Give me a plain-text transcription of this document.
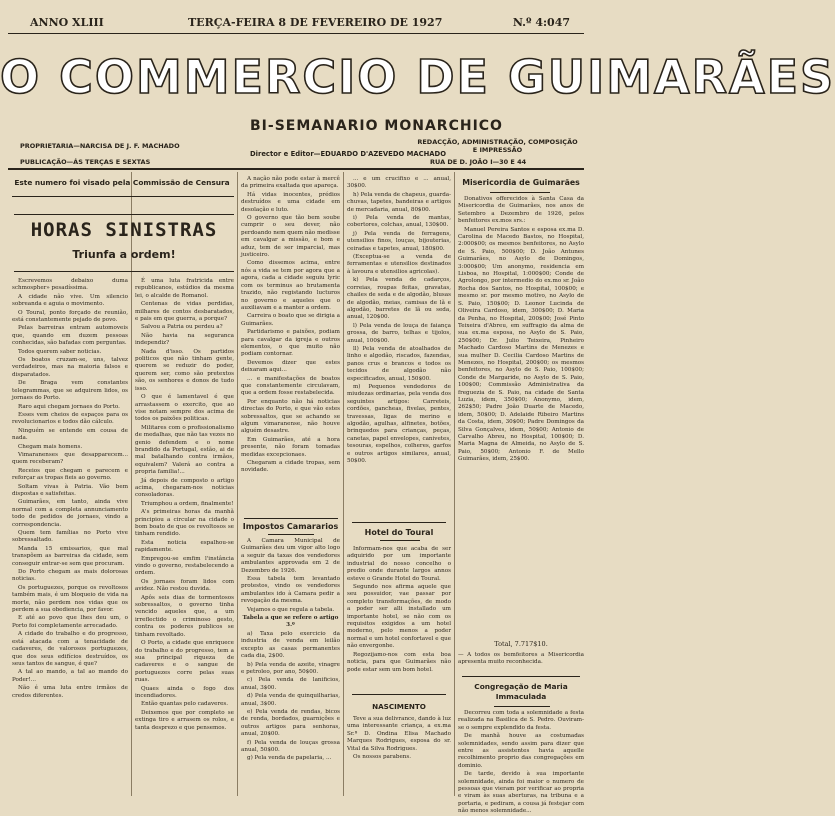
ANNO XLIII	TERÇA-FEIRA 8 DE FEVEREIRO DE 1927	N.º 4:047
O COMMERCIO DE GUIMARÃES
BI-SEMANARIO MONARCHICO
PROPRIETARIA—NARCISA DE J. F. MACHADO
PUBLICAÇÃO—ÁS TERÇAS E SEXTAS
Director e Editor—EDUARDO D'AZEVEDO MACHADO
REDACÇÃO, ADMINISTRAÇÃO, COMPOSIÇÃO E IMPRESSÃO
RUA DE D. JOÃO I—30 E 44
Este numero foi visado pela Commissão de Censura
HORAS SINISTRAS
Triunfa a ordem!

Escrevemos debaixo duma schmospher» pesadíssima.

A cidade não vive. Um silencio sobreanda e aguia o movimento.

O Toural, ponto forçado de reunião, está constantemente pejado de povo.

Pelas barreiras entram automoveis que, quando em duzem pessoas conhecidas, são bafadas com perguntas.

Todos querem saber noticias.

Os boatos cruzam-se, uns, talvez verdadeiros, mas na maioria falsos e disparatados.

De Braga vem constantes telegrammas, que se adquirem lidos, os jornaes do Porto.

Raro aqui chegam jornaes do Porto.

Esses vem cheios de espaços para os revolucionarios e todos dão cálculo.

Ninguém se entende em cousa de nada.

Chegam mais homens.

Vimaranenses que desapparecem... quem receberam?

Receios que chegam e parecem e reforçar as tropas fieis ao governo.

Soltam vivas à Patria. Vão bem dispostas e satisfeitas.

Guimarães, em tanto, ainda vive normal com a completa annunciamento todo de pedidos de jornaes, vindo a correspondencia.

Quem tem famílias no Porto vive sobressaltado.

Manda 15 emissarios, que mal transpõem as barreiras da cidade, sem conseguir entrar-se sem que procuram.

Do Porto chegam as mais dolorosas noticias.

Os portuguezes, porque os revoltosos também mais, é um bloqueio de vida na morte, não perdem nos vidas que os perdem a sua obediencia, por favor.

E até ao povo que lhes deu um, o Porto foi completamente arrecadado.

A cidade do trabalho e do progresso, está atacada com a tenacidade de cadaveres, de valorosos portuguezes, que dos seus edifícios destruídos, os seus tantos de sangue, é que?

A tal ao mando, a tal ao mando do Poder!...

Não é uma luta entre irmãos de credos diferentes.

É uma luta fratricida entre republicanos, estúdios da mesma lei, o alcalde de Romanol.

Centenas de vidas perdidas, milhares de contos desbaratados, e pais em que guerra, a porque?

Salvou a Patria ou perdeu a?

Não havia na seguranca independiz?

Nada d'isso. Os partidos politicos que não tinham gente, querem se reduzir do poder, querem ser, como são pretextos são, os senhores e donos de tudo isso.

O que é lamentavel é que arrastassem o exercito, que ao vise notam sempre dos acima de todos os paixões politicas.

Militares com o profissionalismo de medalhas, que não tas vezes no genio defendem e o nome brandido da Portugal, estão, ai de mal batalhando contra irmãos, equivalem? Valerá ao contra a propria familia!...

Já depois de composto o artigo acima, chegaram-nos noticias consoladoras.

Triumphou a ordem, finalmente!

A's primeiras horas da manhã principiou a circular na cidade o bom boato de que os revoltosos se tinham rendido.

Esta noticia espalhou-se rapidamente.

Empregou-se emfim l'instância vindo o governo, restabelecendo a ordem.

Os jornaes foram lidos com avidez. Não restou duvida.

Apôs seis dias de tormentosos sobressaltos, o governo tinha vencido aqueles que, a um irreflectido o criminoso gesto, contra os poderes publicos se tinham revoltado.

O Porto, a cidade que enriquece do trabalho e do progresso, tem a sua principal riqueza de cadaveres e o sangue de portuguezes corre pelas suas ruas.

Quaes ainda o fogo dos incendiadores.

Então quantas pelo cadaveres.

Deixemos que por completo se extinga tiro e arrasem os rolos, e tanta desprezo e que pensemos.

A nação não pode estar à mercê da primeira exaltada que apareça.

Há vidas inocentes, prédios destruídos e uma cidade em desolação e luto.

O governo que tão bem soube cumprir o seu dever, não perdoando nem quem não medisse em cavalgar a missão, e bom e aduz, tem de ser imparcial, mas justiceiro.

Como dissemos acima, entre nós a vida se tem por agora que a agora, cada a cidade seguiu lyric com os terminus ao brutamenta trazido, não registando lucturos no governo e aqueles que o auxiliavam e a manter a ordem.

Carreira o boato que se dirigia a Guimarães.

Partidarismo e paixões, podiam para cavalgar da igreja e outros elementos, o que muito não podiam contornar.

Devemos dizer que estes deixaram aqui...

... e manifestações de boatos que constantemente circulavam, que a ordem fosse restabelecida.

Por enquanto não há noticias directas do Porto, e que vão estes sobressaltos, que se achando se algum vimaranense, não houve alguém desastre.

Em Guimarães, até a hora presente, não foram tomadas medidas excepcionaes.

Chegaram a cidade tropas, sem novidade.

Impostos Camararios

A Camara Municipal de Guimarães deu um vigor alto logo a seguir da taxas dos vendedores ambulantes approvada em 2 de Dezembro de 1926.

Essa tabela tem levantado protestos, vindo os vendedores ambulantes ido à Camara pedir a revogação da mesma.

Vejamos o que regula a tabela.

Tabela a que se refere o artigo 3.º

a) Taxa pelo exercicio da industria de venda em leilão excepto as casas permanentes cada dia, 2$00.

b) Pela venda de azeite, vinagre e petroleo, por ano, 50$00.

c) Pela venda de lanificios, anual, 3$00.

d) Pela venda de quinquilharias, anual, 3$00.

e) Pela venda de rendas, bicos de renda, bordados, guarnições e outros artigos para senhoras, anual, 20$00.

f) Pela venda de louças grossa anual, 50$00.

g) Pela venda de papelaria, ...

... e um crucifixo e ... anual, 30$00.

h) Pela venda de chapeus, guarda-chuvas, tapetes, bandeiras e artigos de mercadaria, anual, 80$00.

i) Pela venda de mantas, cobertores, colchas, anual, 130$00.

j) Pela venda de ferragens, utensilios finos, louças, bijouterias, ceiradas e tapetes, anual, 180$00.

(Exceptua-se a venda de ferramentas e utensilios destinados à lavoura e utensilios agricolas).

k) Pela venda de cadarços, correias, roupas feitas, gravatas, chailes de seda e de algodão, blusas de algodão, meias, camisas de lã e algodão, barretes de lã ou seda, anual, 120$00.

l) Pela venda de louça de faiança grossa, de barro, telhas e tijolos, anual, 100$00.

ll) Pela venda de atoalhados de linho e algodão, riscados, fazendas, panos crus e brancos e todos os tecidos de algodão não especificados, anual, 150$00.

m) Pequenos vendedores de miudezas ordinarias, pela venda dos seguintes artigos: Carreteis, cordões, gancheas, fivelas, pentes, travessas, ligas de merino e algodão, agulhas, alfinetes, botões, brinquedos para crianças, peças, canetas, papel envelopes, canivetes, tesouras, espelhos, colheres, garfos e outros artigos similares, anual, 50$00.

Hotel do Toural

Informam-nos que acaba de ser adquirido por um importante industrial do nosso concelho o predio onde durante largos annos esteve o Grande Hotel do Toural.

Segundo nos afirma aquele que seu possuidor, vae passar por completo transformações, de modo a poder ser alli installado um importante hotel, se não com os requisitos exigidos a um hotel moderno, pelo menos a poder normal e um hotel confortavel e que não envergonhe.

Regozijamo-nos com esta boa noticia, para que Guimarães não pode estar sem um bom hotel.

NASCIMENTO

Teve a sua delivrance, dando à luz uma interessante criança, a ex.ma Sr.ª D. Ondina Elisa Machado Marques Rodrigues, esposa do sr. Vital da Silva Rodrigues.

Os nossos parabens.

Misericordia de Guimarães

Donativos offerecidos à Santa Casa da Misericordia de Guimarães, nos anos de Setembro a Dezembro de 1926, pelos benfeitores ex.mos srs.:

Manuel Pereira Santos e esposa ex.ma D. Carolina de Macedo Bastos, no Hospital, 2:000$00; os mesmos benfeitores, no Asylo de S. Paio, 500$00; D. João Antunes Guimarães, no Asylo de Domingos, 3:000$00; Um anonymo, residencia em Lisboa, no Hospital, 1:000$00; Conde de Agrolongo, por intermedio do ex.mo sr. João Rocha dos Santos, no Hospital, 100$00; e mesmo sr. por mesmo motivo, no Asylo de S. Paio, 150$00; D. Leonor Lucinda de Oliveira Cardoso, idem, 300$00; D. Maria da Penha, no Hospital, 200$00; José Pinto Teixeira d'Abreu, em suffragio da alma de sua ex.ma esposa, no Asylo de S. Paio, 250$00; Dr. Julio Teixeira, Pinheiro Machado Cardoso Martins de Menezes e sua mulher D. Cecilia Cardoso Martins de Menezes, no Hospital, 200$00; os mesmos benfeitores, no Asylo de S. Paio, 100$00; Conde de Margaride, no Asylo de S. Paio, 100$00; Commissão Administrativa da freguezia de S. Paio, na cidade de Santa Luzia, idem, 350$00; Anonymo, idem, 262$50; Padre João Duarte de Macedo, idem, 50$00; D. Adelaide Ribeiro Martins da Costa, idem, 30$00; Padre Domingos da Silva Gonçalves, idem, 50$00; Antonio de Carvalho Abreu, no Hospital, 100$00; D. Maria Magna de Almeida, no Asylo de S. Paio, 50$00; Antonio F. de Mello Guimarães, idem, 25$00.

Total, 7.717$10.
— A todos os bemfeitores a Misericordia apresenta muito reconhecida.
Congregação de Maria Immaculada

Decorreu com toda a solemnidade a festa realizada na Basilica de S. Pedro. Ouviram-se o sempre explendido da festa.

De manhã houve as costumadas solemnidades, sendo assim para dizer que entre as assistentes havia aquelle recolhimento proprio das congregações em dominio.

De tarde, devido à sua importante solemnidade, ainda foi maior o numero de pessoas que vieram por verificar ao propria e viram às suas aberturas, na tribuna e a portaria, e pediram, a cousa já festejar com não menos solemnidade...
